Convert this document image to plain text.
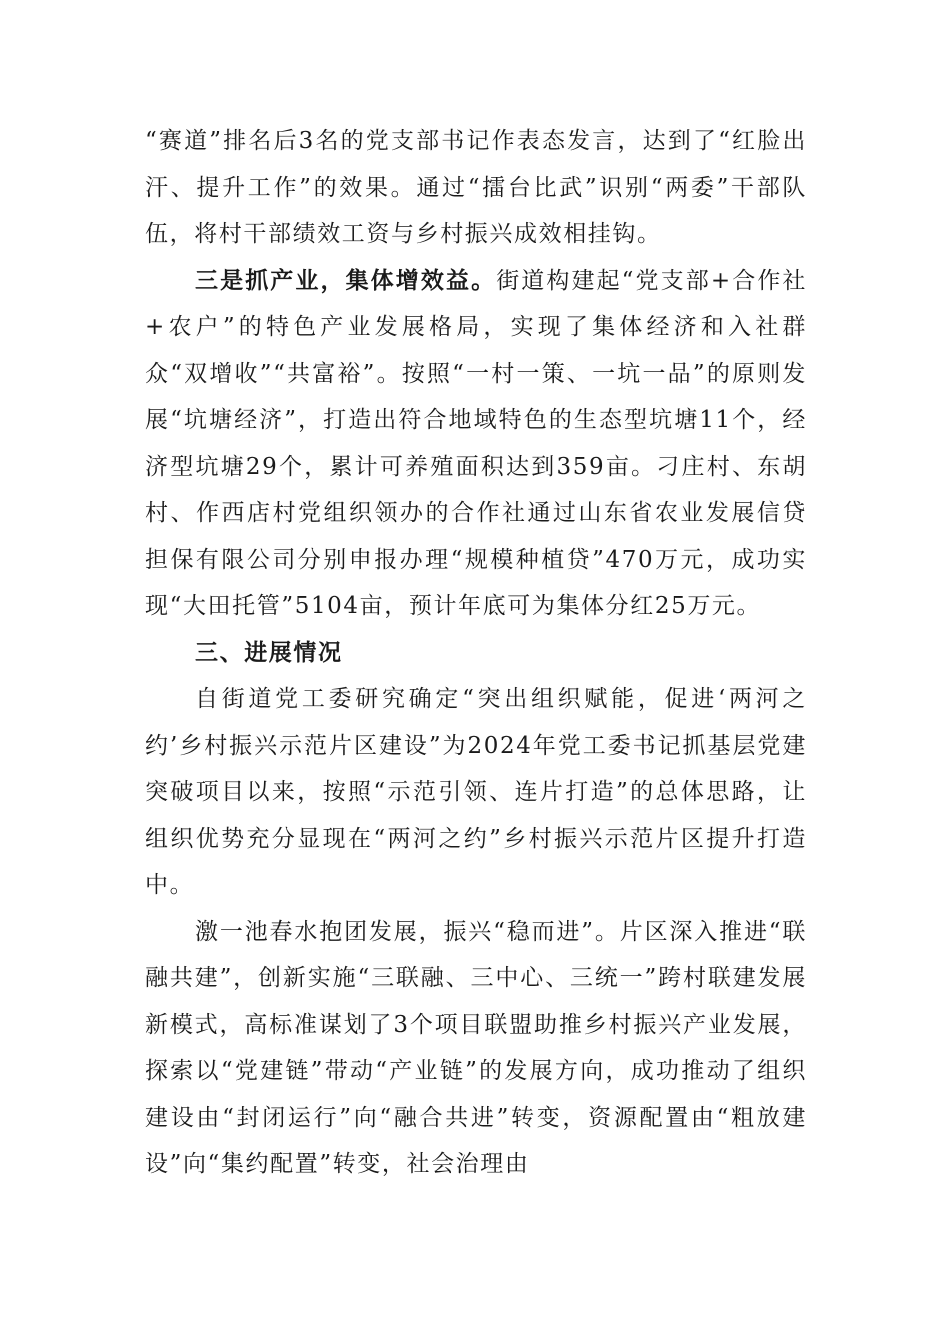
“赛道”排名后3名的党支部书记作表态发言，达到了“红脸出汗、提升工作”的效果。通过“擂台比武”识别“两委”干部队伍，将村干部绩效工资与乡村振兴成效相挂钩。

三是抓产业，集体增效益。街道构建起“党支部+合作社+农户”的特色产业发展格局，实现了集体经济和入社群众“双增收”“共富裕”。按照“一村一策、一坑一品”的原则发展“坑塘经济”，打造出符合地域特色的生态型坑塘11个，经济型坑塘29个，累计可养殖面积达到359亩。刁庄村、东胡村、作西店村党组织领办的合作社通过山东省农业发展信贷担保有限公司分别申报办理“规模种植贷”470万元，成功实现“大田托管”5104亩，预计年底可为集体分红25万元。

三、进展情况

自街道党工委研究确定“突出组织赋能，促进‘两河之约’乡村振兴示范片区建设”为2024年党工委书记抓基层党建突破项目以来，按照“示范引领、连片打造”的总体思路，让组织优势充分显现在“两河之约”乡村振兴示范片区提升打造中。

激一池春水抱团发展，振兴“稳而进”。片区深入推进“联融共建”，创新实施“三联融、三中心、三统一”跨村联建发展新模式，高标准谋划了3个项目联盟助推乡村振兴产业发展，探索以“党建链”带动“产业链”的发展方向，成功推动了组织建设由“封闭运行”向“融合共进”转变，资源配置由“粗放建设”向“集约配置”转变，社会治理由
